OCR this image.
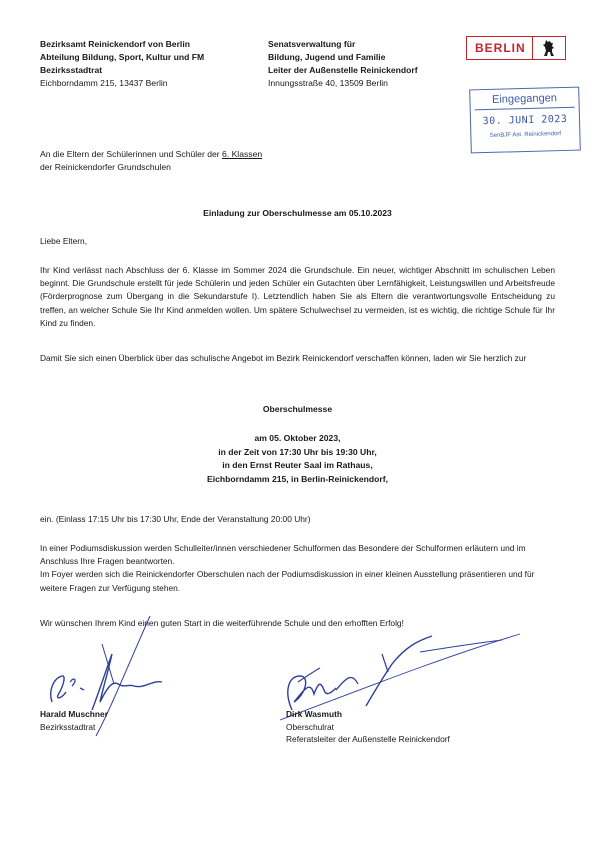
Bezirksamt Reinickendorf von Berlin
Abteilung Bildung, Sport, Kultur und FM
Bezirksstadtrat
Eichborndamm 215, 13437 Berlin
Senatsverwaltung für
Bildung, Jugend und Familie
Leiter der Außenstelle Reinickendorf
Innungsstraße 40, 13509 Berlin
BERLIN
Eingegangen
30. JUNI 2023
SenBJF Ast. Reinickendorf
An die Eltern der Schülerinnen und Schüler der 6. Klassen
der Reinickendorfer Grundschulen
Einladung zur Oberschulmesse am 05.10.2023
Liebe Eltern,
Ihr Kind verlässt nach Abschluss der 6. Klasse im Sommer 2024 die Grundschule. Ein neuer, wichtiger Abschnitt im schulischen Leben beginnt. Die Grundschule erstellt für jede Schülerin und jeden Schüler ein Gutachten über Lernfähigkeit, Leistungswillen und Arbeitsfreude (Förderprognose zum Übergang in die Sekundarstufe I). Letztendlich haben Sie als Eltern die verantwortungsvolle Entscheidung zu treffen, an welcher Schule Sie Ihr Kind anmelden wollen. Um spätere Schulwechsel zu vermeiden, ist es wichtig, die richtige Schule für Ihr Kind zu finden.
Damit Sie sich einen Überblick über das schulische Angebot im Bezirk Reinickendorf verschaffen können, laden wir Sie herzlich zur
Oberschulmesse
am 05. Oktober 2023,
in der Zeit von 17:30 Uhr bis 19:30 Uhr,
in den Ernst Reuter Saal im Rathaus,
Eichborndamm 215, in Berlin-Reinickendorf,
ein. (Einlass 17:15 Uhr bis 17:30 Uhr, Ende der Veranstaltung 20:00 Uhr)
In einer Podiumsdiskussion werden Schulleiter/innen verschiedener Schulformen das Besondere der Schulformen erläutern und im Anschluss Ihre Fragen beantworten.
Im Foyer werden sich die Reinickendorfer Oberschulen nach der Podiumsdiskussion in einer kleinen Ausstellung präsentieren und für weitere Fragen zur Verfügung stehen.
Wir wünschen Ihrem Kind einen guten Start in die weiterführende Schule und den erhofften Erfolg!
Harald Muschner
Bezirksstadtrat
Dirk Wasmuth
Oberschulrat
Referatsleiter der Außenstelle Reinickendorf
